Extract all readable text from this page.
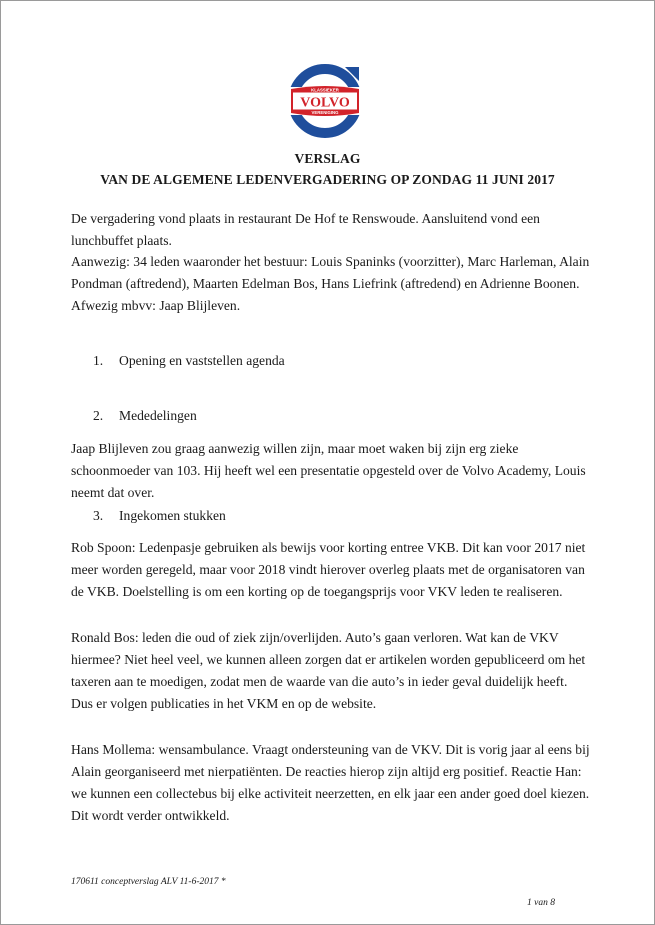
KLASSIEKER
VOLVO
VERENIGING
VERSLAG
VAN DE ALGEMENE LEDENVERGADERING OP ZONDAG 11 JUNI 2017

De vergadering vond plaats in restaurant De Hof te Renswoude. Aansluitend vond een lunchbuffet plaats.

Aanwezig: 34 leden waaronder het bestuur: Louis Spaninks (voorzitter), Marc Harleman, Alain Pondman (aftredend), Maarten Edelman Bos, Hans Liefrink (aftredend) en Adrienne Boonen. Afwezig mbvv: Jaap Blijleven.

1. Opening en vaststellen agenda
2. Mededelingen

Jaap Blijleven zou graag aanwezig willen zijn, maar moet waken bij zijn erg zieke schoonmoeder van 103. Hij heeft wel een presentatie opgesteld over de Volvo Academy, Louis neemt dat over.

3. Ingekomen stukken

Rob Spoon: Ledenpasje gebruiken als bewijs voor korting entree VKB. Dit kan voor 2017 niet meer worden geregeld, maar voor 2018 vindt hierover overleg plaats met de organisatoren van de VKB. Doelstelling is om een korting op de toegangsprijs voor VKV leden te realiseren.

Ronald Bos: leden die oud of ziek zijn/overlijden. Auto’s gaan verloren. Wat kan de VKV hiermee? Niet heel veel, we kunnen alleen zorgen dat er artikelen worden gepubliceerd om het taxeren aan te moedigen, zodat men de waarde van die auto’s in ieder geval duidelijk heeft. Dus er volgen publicaties in het VKM en op de website.

Hans Mollema: wensambulance. Vraagt ondersteuning van de VKV. Dit is vorig jaar al eens bij Alain georganiseerd met nierpatiënten. De reacties hierop zijn altijd erg positief. Reactie Han: we kunnen een collectebus bij elke activiteit neerzetten, en elk jaar een ander goed doel kiezen. Dit wordt verder ontwikkeld.

170611 conceptverslag ALV 11-6-2017 *
1 van 8
